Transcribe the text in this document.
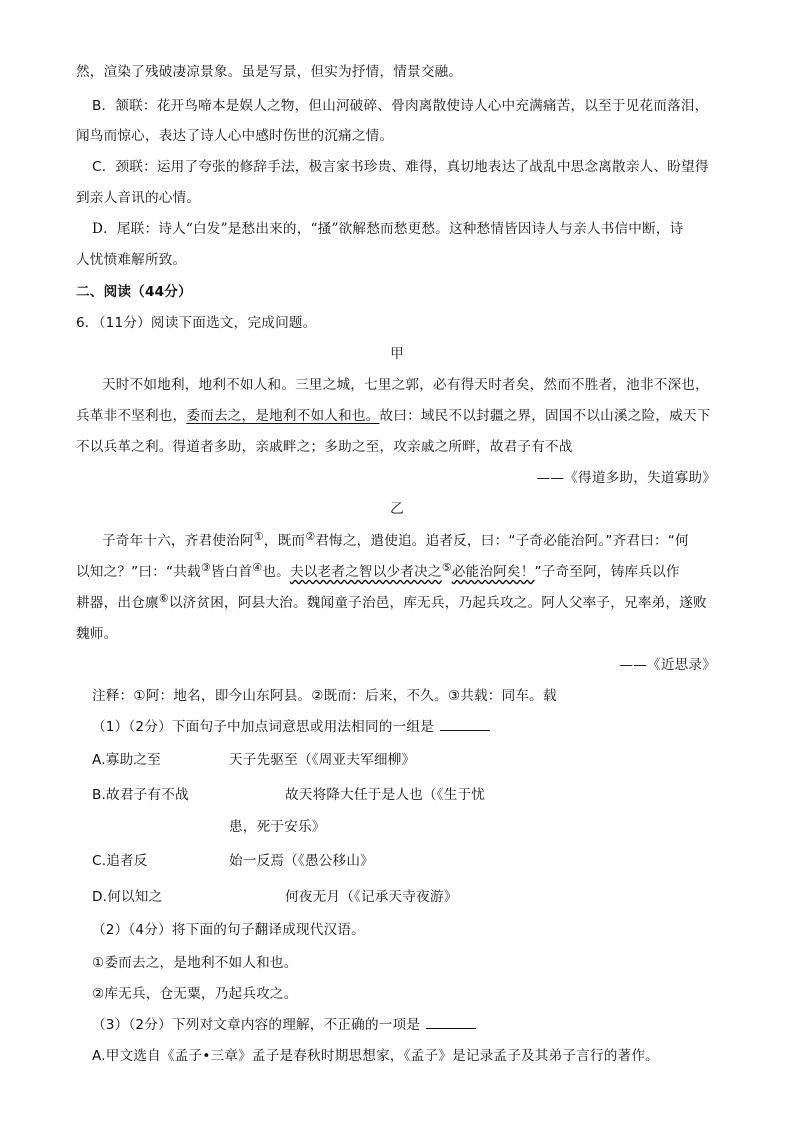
然，渲染了残破凄凉景象。虽是写景，但实为抒情，情景交融。
B．颔联：花开鸟啼本是娱人之物，但山河破碎、骨肉离散使诗人心中充满痛苦，以至于见花而落泪，
闻鸟而惊心，表达了诗人心中感时伤世的沉痛之情。
C．颈联：运用了夸张的修辞手法，极言家书珍贵、难得，真切地表达了战乱中思念离散亲人、盼望得
到亲人音讯的心情。
D．尾联：诗人“白发”是愁出来的，“搔”欲解愁而愁更愁。这种愁情皆因诗人与亲人书信中断，诗
人忧愤难解所致。
二、阅读（44分）
6．（11分）阅读下面选文，完成问题。
甲
天时不如地利，地利不如人和。三里之城，七里之郭，必有得天时者矣，然而不胜者，池非不深也，
兵革非不坚利也，委而去之，是地利不如人和也。故曰：域民不以封疆之界，固国不以山溪之险，威天下
不以兵革之利。得道者多助，亲戚畔之；多助之至，攻亲戚之所畔，故君子有不战
——《得道多助，失道寡助》
乙
子奇年十六，齐君使治阿①，既而②君悔之，遣使追。追者反，曰：“子奇必能治阿。”齐君曰：“何
以知之？”曰：“共载③皆白首④也。夫以老者之智以少者决之⑤必能治阿矣！”子奇至阿，铸库兵以作
耕器，出仓廪⑥以济贫困，阿县大治。魏闻童子治邑，库无兵，乃起兵攻之。阿人父率子，兄率弟，遂败
魏师。
——《近思录》
注释：①阿：地名，即今山东阿县。②既而：后来，不久。③共载：同车。载
（1）（2分）下面句子中加点词意思或用法相同的一组是
A.寡助之至	天子先驱至（《周亚夫军细柳》
B.故君子有不战	故天将降大任于是人也（《生于忧
患，死于安乐》
C.追者反	始一反焉（《愚公移山》
D.何以知之	何夜无月（《记承天寺夜游》
（2）（4分）将下面的句子翻译成现代汉语。
①委而去之，是地利不如人和也。
②库无兵，仓无粟，乃起兵攻之。
（3）（2分）下列对文章内容的理解，不正确的一项是
A.甲文选自《孟子•三章》孟子是春秋时期思想家，《孟子》是记录孟子及其弟子言行的著作。
